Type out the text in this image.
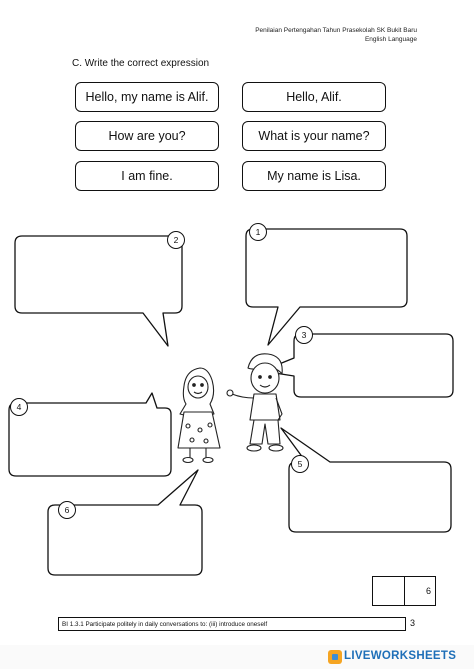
Penilaian Pertengahan Tahun Prasekolah SK Bukit Baru
English Language
C. Write the correct expression
Hello, my name is Alif.	Hello, Alif.
How are you?	What is your name?
I am fine.	My name is Lisa.
2
1
3
4
5
6
6
BI 1.3.1 Participate politely in daily conversations to: (iii) introduce oneself	3
LIVEWORKSHEETS
